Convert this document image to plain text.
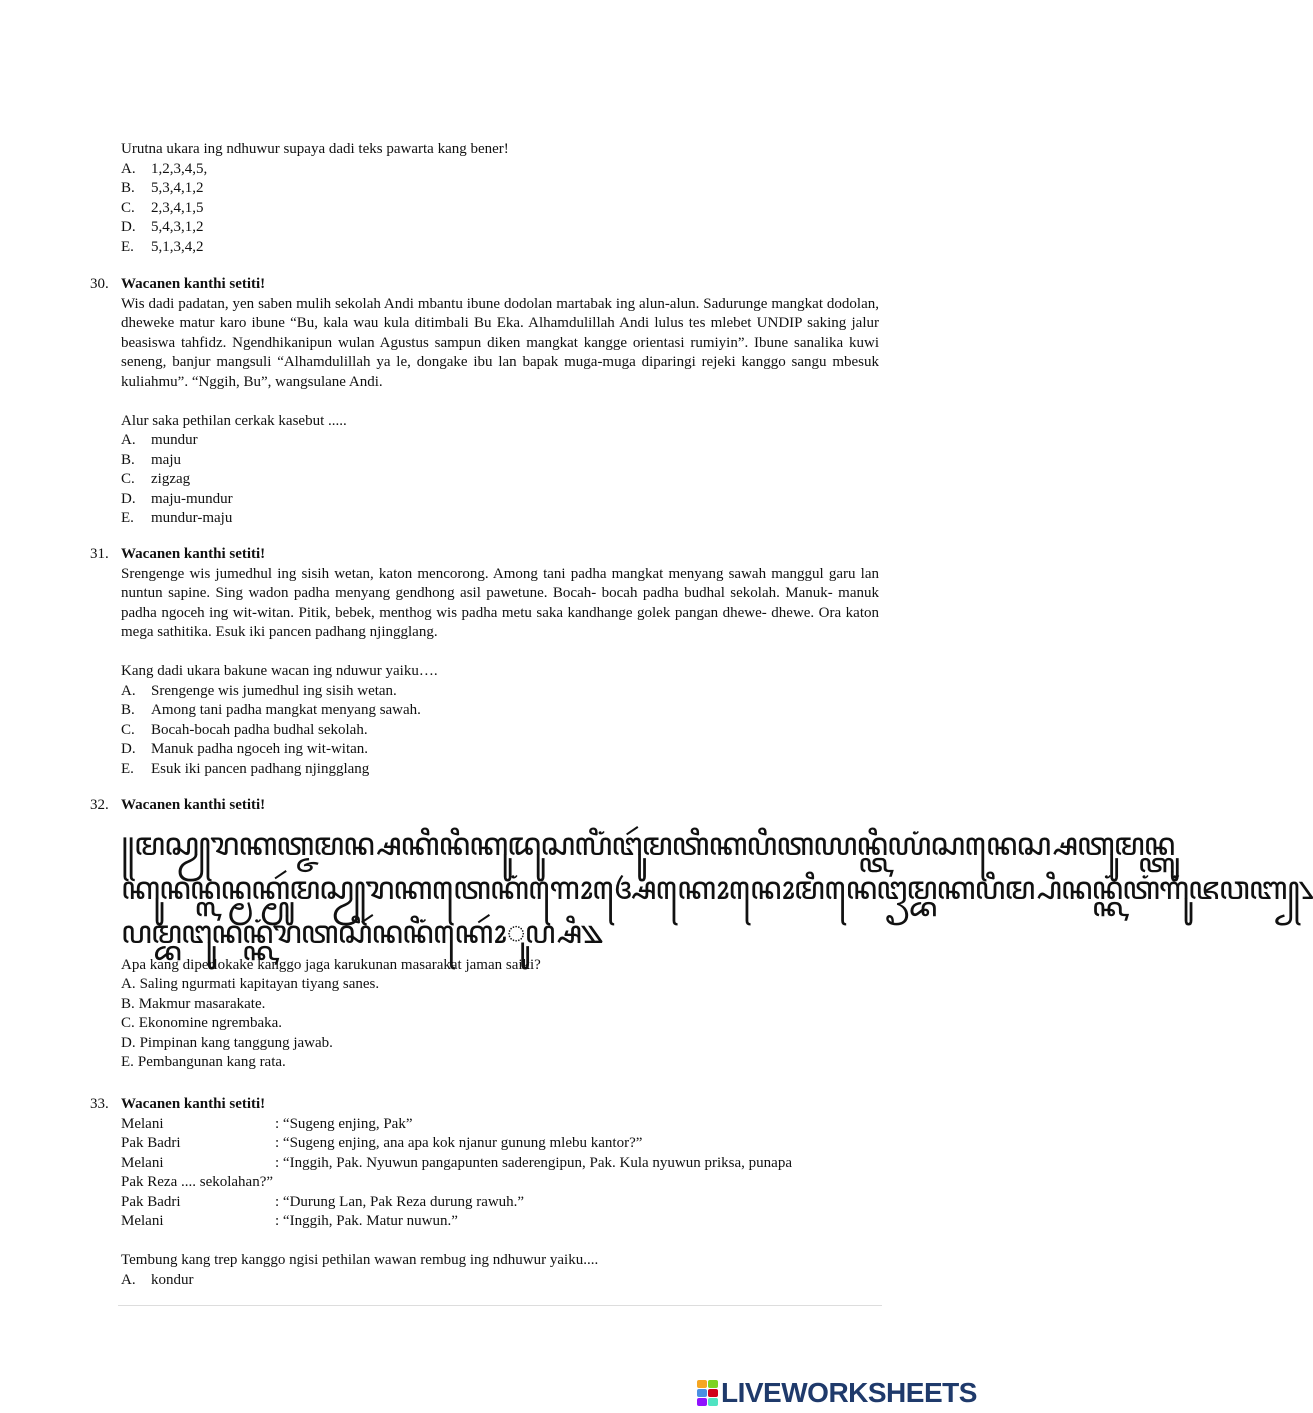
Urutna ukara ing ndhuwur supaya dadi teks pawarta kang bener!
A.	1,2,3,4,5,
B.	5,3,4,1,2
C.	2,3,4,1,5
D.	5,4,3,1,2
E.	5,1,3,4,2
30. Wacanen kanthi setiti!
Wis dadi padatan, yen saben mulih sekolah Andi mbantu ibune dodolan martabak ing alun-alun. Sadurunge mangkat dodolan, dheweke matur karo ibune “Bu, kala wau kula ditimbali Bu Eka. Alhamdulillah Andi lulus tes mlebet UNDIP saking jalur beasiswa tahfidz. Ngendhikanipun wulan Agustus sampun diken mangkat kangge orientasi rumiyin”. Ibune sanalika kuwi seneng, banjur mangsuli “Alhamdulillah ya le, dongake ibu lan bapak muga-muga diparingi rejeki kanggo sangu mbesuk kuliahmu”. “Nggih, Bu”, wangsulane Andi.
Alur saka pethilan cerkak kasebut .....
A.	mundur
B.	maju
C.	zigzag
D.	maju-mundur
E.	mundur-maju
31. Wacanen kanthi setiti!
Srengenge wis jumedhul ing sisih wetan, katon mencorong. Among tani padha mangkat menyang sawah manggul garu lan nuntun sapine. Sing wadon padha menyang gendhong asil pawetune. Bocah- bocah padha budhal sekolah. Manuk- manuk padha ngoceh ing wit-witan. Pitik, bebek, menthog wis padha metu saka kandhange golek pangan dhewe- dhewe. Ora katon mega sathitika. Esuk iki pancen padhang njingglang.
Kang dadi ukara bakune wacan ing nduwur yaiku….
A.	Srengenge wis jumedhul ing sisih wetan.
B.	Among tani padha mangkat menyang sawah.
C.	Bocah-bocah padha budhal sekolah.
D.	Manuk padha ngoceh ing wit-witan.
E.	Esuk iki pancen padhang njingglang
32. Wacanen kanthi setiti!
꧋ꦩꦱꦾꦫꦏꦠ꧀ꦗꦩꦤ꧀ꦱꦏꦶꦤꦶꦏꦸꦢꦸꦱꦭꦶꦁꦔꦸꦂꦩꦠꦶꦏꦥꦶꦠꦪꦤ꧀ꦠꦶꦪꦁꦱꦤꦺꦱ꧀ꦱꦠꦸꦩꦤ꧀ꦠꦸ
ꦏꦸꦤꦤ꧀ꦭꦤ꧀ꦩꦏ꧀ꦩꦸꦂꦩꦱꦾꦫꦏꦠꦺꦏꦁꦒꦺꦴꦄꦺꦏꦺꦴꦤꦺꦴꦩꦶꦤꦺꦔꦽꦩ꧀ꦧꦏꦥꦶꦩ꧀ꦥꦶꦤꦤ꧀ꦏꦁꦠꦁꦒꦸꦁꦗꦮꦧ꧀꧈
ꦥꦩ꧀ꦧꦔꦸꦤꦤ꧀ꦏꦁꦫꦠꦱꦶꦂꦤꦤꦶꦁꦏꦺꦴꦂꦸꦥ꧀ꦱꦶ꧉
Apa kang diperlokake kanggo jaga karukunan masarakat jaman saiki?
A. Saling ngurmati kapitayan tiyang sanes.
B. Makmur masarakate.
C. Ekonomine ngrembaka.
D. Pimpinan kang tanggung jawab.
E. Pembangunan kang rata.
33. Wacanen kanthi setiti!
Melani	: “Sugeng enjing, Pak”
Pak Badri	: “Sugeng enjing, ana apa kok njanur gunung mlebu kantor?”
Melani	: “Inggih, Pak. Nyuwun pangapunten saderengipun, Pak. Kula nyuwun priksa, punapa
Pak Reza .... sekolahan?”
Pak Badri	: “Durung Lan, Pak Reza durung rawuh.”
Melani	: “Inggih, Pak. Matur nuwun.”
Tembung kang trep kanggo ngisi pethilan wawan rembug ing ndhuwur yaiku....
A.	kondur
LIVEWORKSHEETS
